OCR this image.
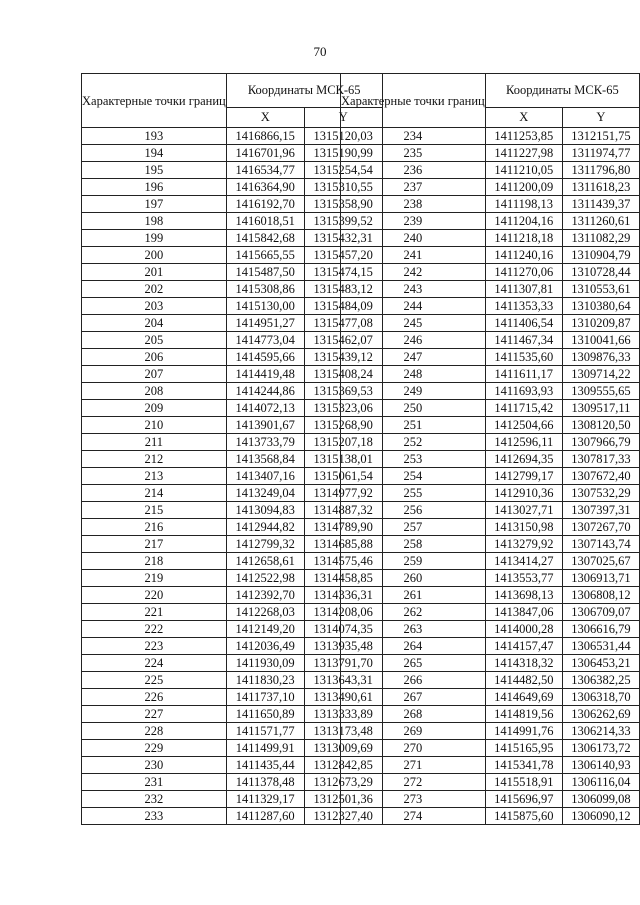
70
Характерные точки границ	Координаты МСК-65	
	X	Y
193	1416866,15	1315120,03
194	1416701,96	1315190,99
195	1416534,77	1315254,54
196	1416364,90	1315310,55
197	1416192,70	1315358,90
198	1416018,51	1315399,52
199	1415842,68	1315432,31
200	1415665,55	1315457,20
201	1415487,50	1315474,15
202	1415308,86	1315483,12
203	1415130,00	1315484,09
204	1414951,27	1315477,08
205	1414773,04	1315462,07
206	1414595,66	1315439,12
207	1414419,48	1315408,24
208	1414244,86	1315369,53
209	1414072,13	1315323,06
210	1413901,67	1315268,90
211	1413733,79	1315207,18
212	1413568,84	1315138,01
213	1413407,16	1315061,54
214	1413249,04	1314977,92
215	1413094,83	1314887,32
216	1412944,82	1314789,90
217	1412799,32	1314685,88
218	1412658,61	1314575,46
219	1412522,98	1314458,85
220	1412392,70	1314336,31
221	1412268,03	1314208,06
222	1412149,20	1314074,35
223	1412036,49	1313935,48
224	1411930,09	1313791,70
225	1411830,23	1313643,31
226	1411737,10	1313490,61
227	1411650,89	1313333,89
228	1411571,77	1313173,48
229	1411499,91	1313009,69
230	1411435,44	1312842,85
231	1411378,48	1312673,29
232	1411329,17	1312501,36
233	1411287,60	1312327,40
Характерные точки границ	Координаты МСК-65	
	X	Y
234	1411253,85	1312151,75
235	1411227,98	1311974,77
236	1411210,05	1311796,80
237	1411200,09	1311618,23
238	1411198,13	1311439,37
239	1411204,16	1311260,61
240	1411218,18	1311082,29
241	1411240,16	1310904,79
242	1411270,06	1310728,44
243	1411307,81	1310553,61
244	1411353,33	1310380,64
245	1411406,54	1310209,87
246	1411467,34	1310041,66
247	1411535,60	1309876,33
248	1411611,17	1309714,22
249	1411693,93	1309555,65
250	1411715,42	1309517,11
251	1412504,66	1308120,50
252	1412596,11	1307966,79
253	1412694,35	1307817,33
254	1412799,17	1307672,40
255	1412910,36	1307532,29
256	1413027,71	1307397,31
257	1413150,98	1307267,70
258	1413279,92	1307143,74
259	1413414,27	1307025,67
260	1413553,77	1306913,71
261	1413698,13	1306808,12
262	1413847,06	1306709,07
263	1414000,28	1306616,79
264	1414157,47	1306531,44
265	1414318,32	1306453,21
266	1414482,50	1306382,25
267	1414649,69	1306318,70
268	1414819,56	1306262,69
269	1414991,76	1306214,33
270	1415165,95	1306173,72
271	1415341,78	1306140,93
272	1415518,91	1306116,04
273	1415696,97	1306099,08
274	1415875,60	1306090,12
